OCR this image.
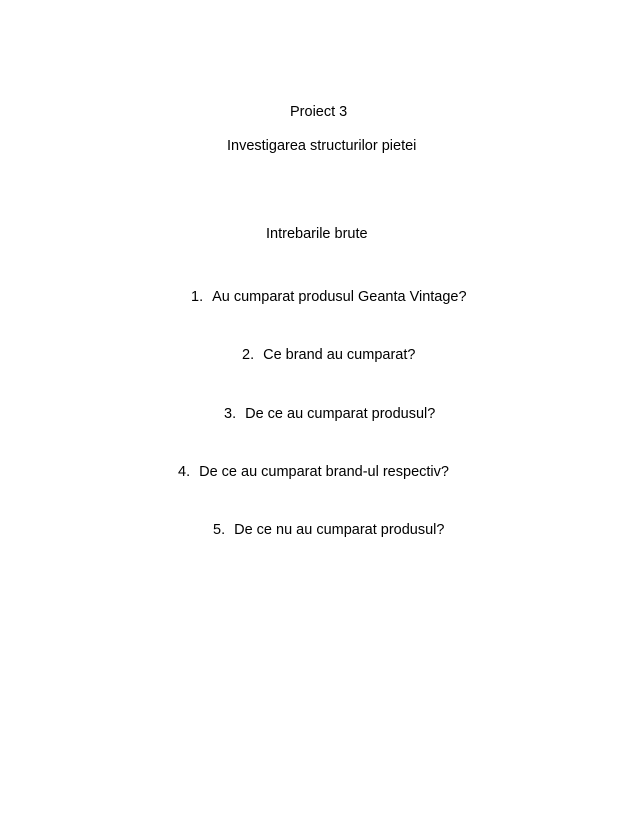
Proiect 3
Investigarea structurilor pietei
Intrebarile brute
1. Au cumparat produsul Geanta Vintage?
2. Ce brand au cumparat?
3. De ce au cumparat produsul?
4. De ce au cumparat brand-ul respectiv?
5. De ce nu au cumparat produsul?
